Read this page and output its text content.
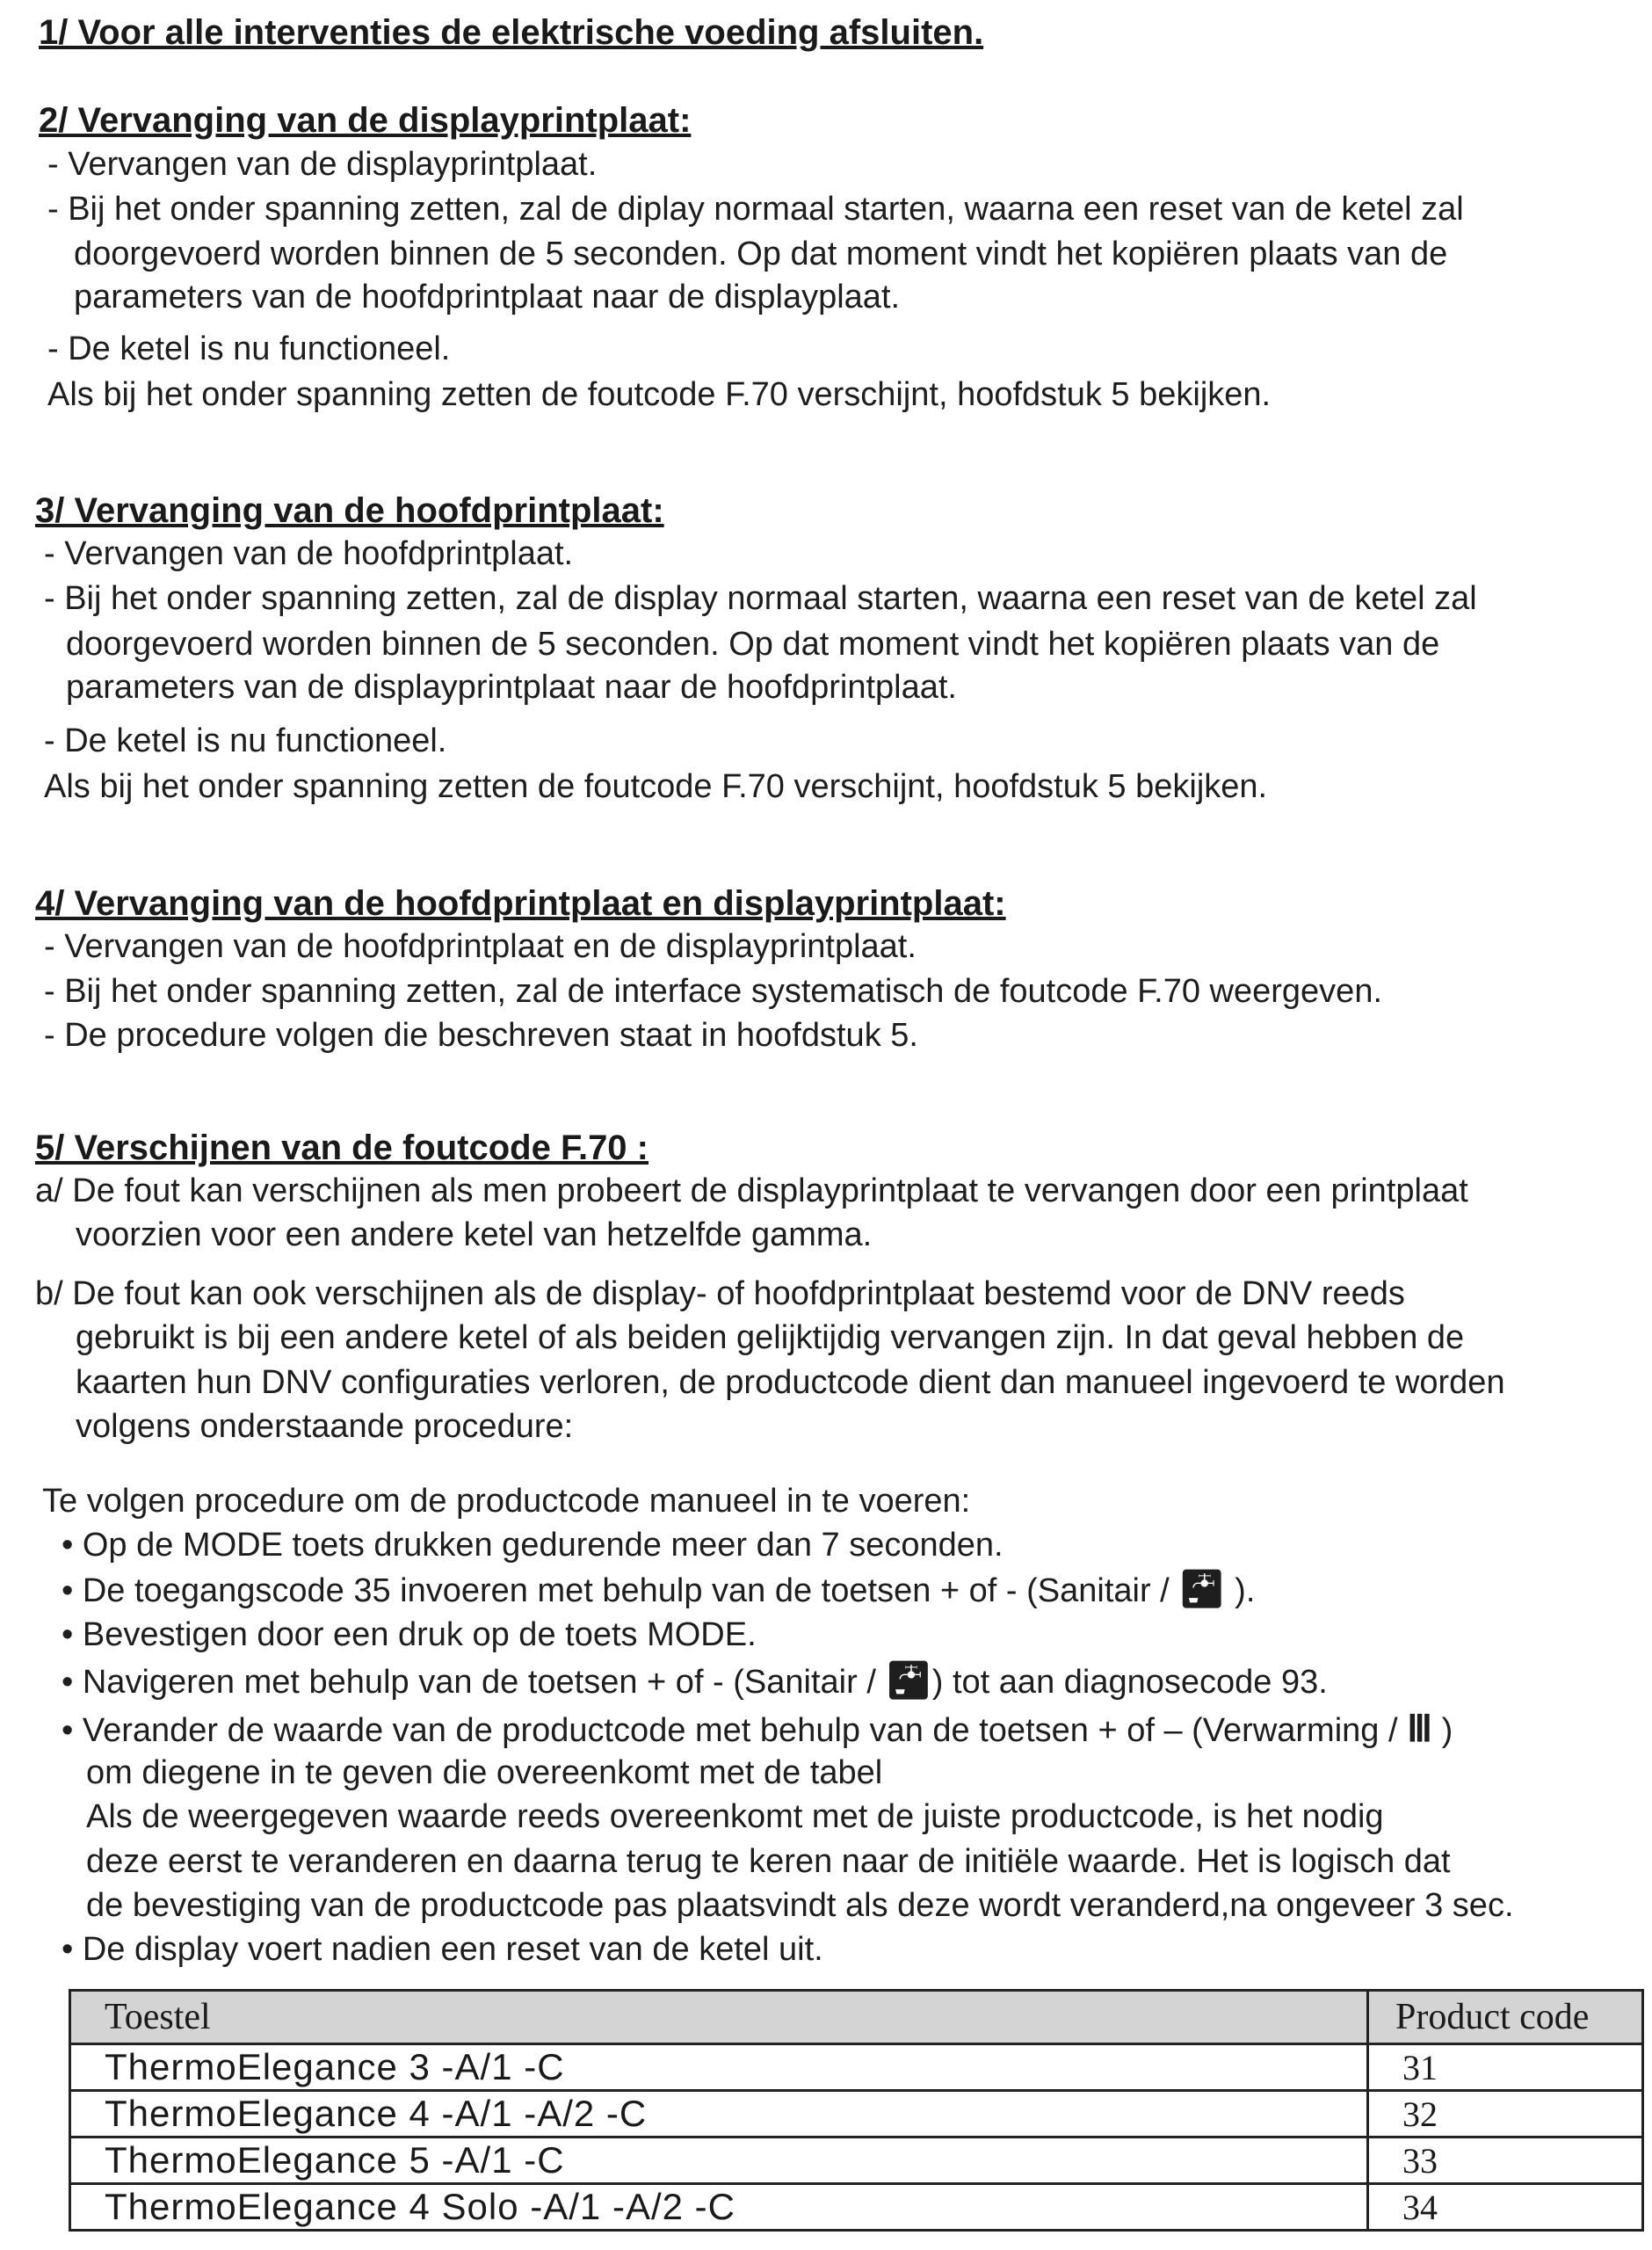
1/ Voor alle interventies de elektrische voeding afsluiten.
2/ Vervanging van de displayprintplaat:
- Vervangen van de displayprintplaat.
- Bij het onder spanning zetten, zal de diplay normaal starten, waarna een reset van de ketel zal
doorgevoerd worden binnen de 5 seconden. Op dat moment vindt het kopiëren plaats van de
parameters van de hoofdprintplaat naar de displayplaat.
- De ketel is nu functioneel.
Als bij het onder spanning zetten de foutcode F.70 verschijnt, hoofdstuk 5 bekijken.
3/ Vervanging van de hoofdprintplaat:
- Vervangen van de hoofdprintplaat.
- Bij het onder spanning zetten, zal de display normaal starten, waarna een reset van de ketel zal
doorgevoerd worden binnen de 5 seconden. Op dat moment vindt het kopiëren plaats van de
parameters van de displayprintplaat naar de hoofdprintplaat.
- De ketel is nu functioneel.
Als bij het onder spanning zetten de foutcode F.70 verschijnt, hoofdstuk 5 bekijken.
4/ Vervanging van de hoofdprintplaat en displayprintplaat:
- Vervangen van de hoofdprintplaat en de displayprintplaat.
- Bij het onder spanning zetten, zal de interface systematisch de foutcode F.70 weergeven.
- De procedure volgen die beschreven staat in hoofdstuk 5.
5/ Verschijnen van de foutcode F.70 :
a/ De fout kan verschijnen als men probeert de displayprintplaat te vervangen door een printplaat
voorzien voor een andere ketel van hetzelfde gamma.
b/ De fout kan ook verschijnen als de display- of hoofdprintplaat bestemd voor de DNV reeds
gebruikt is bij een andere ketel of als beiden gelijktijdig vervangen zijn. In dat geval hebben de
kaarten hun DNV configuraties verloren, de productcode dient dan manueel ingevoerd te worden
volgens onderstaande procedure:
Te volgen procedure om de productcode manueel in te voeren:
• Op de MODE toets drukken gedurende meer dan 7 seconden.
• De toegangscode 35 invoeren met behulp van de toetsen + of - (Sanitair / 🚰︎ ).
• Bevestigen door een druk op de toets MODE.
• Navigeren met behulp van de toetsen + of - (Sanitair / 🚰︎) tot aan diagnosecode 93.
• Verander de waarde van de productcode met behulp van de toetsen + of – (Verwarming / Ⅲ )
om diegene in te geven die overeenkomt met de tabel
Als de weergegeven waarde reeds overeenkomt met de juiste productcode, is het nodig
deze eerst te veranderen en daarna terug te keren naar de initiële waarde. Het is logisch dat
de bevestiging van de productcode pas plaatsvindt als deze wordt veranderd,na ongeveer 3 sec.
• De display voert nadien een reset van de ketel uit.
Toestel	Product code
ThermoElegance 3 -A/1 -C	31
ThermoElegance 4 -A/1 -A/2 -C	32
ThermoElegance 5 -A/1 -C	33
ThermoElegance 4 Solo -A/1 -A/2 -C	34
